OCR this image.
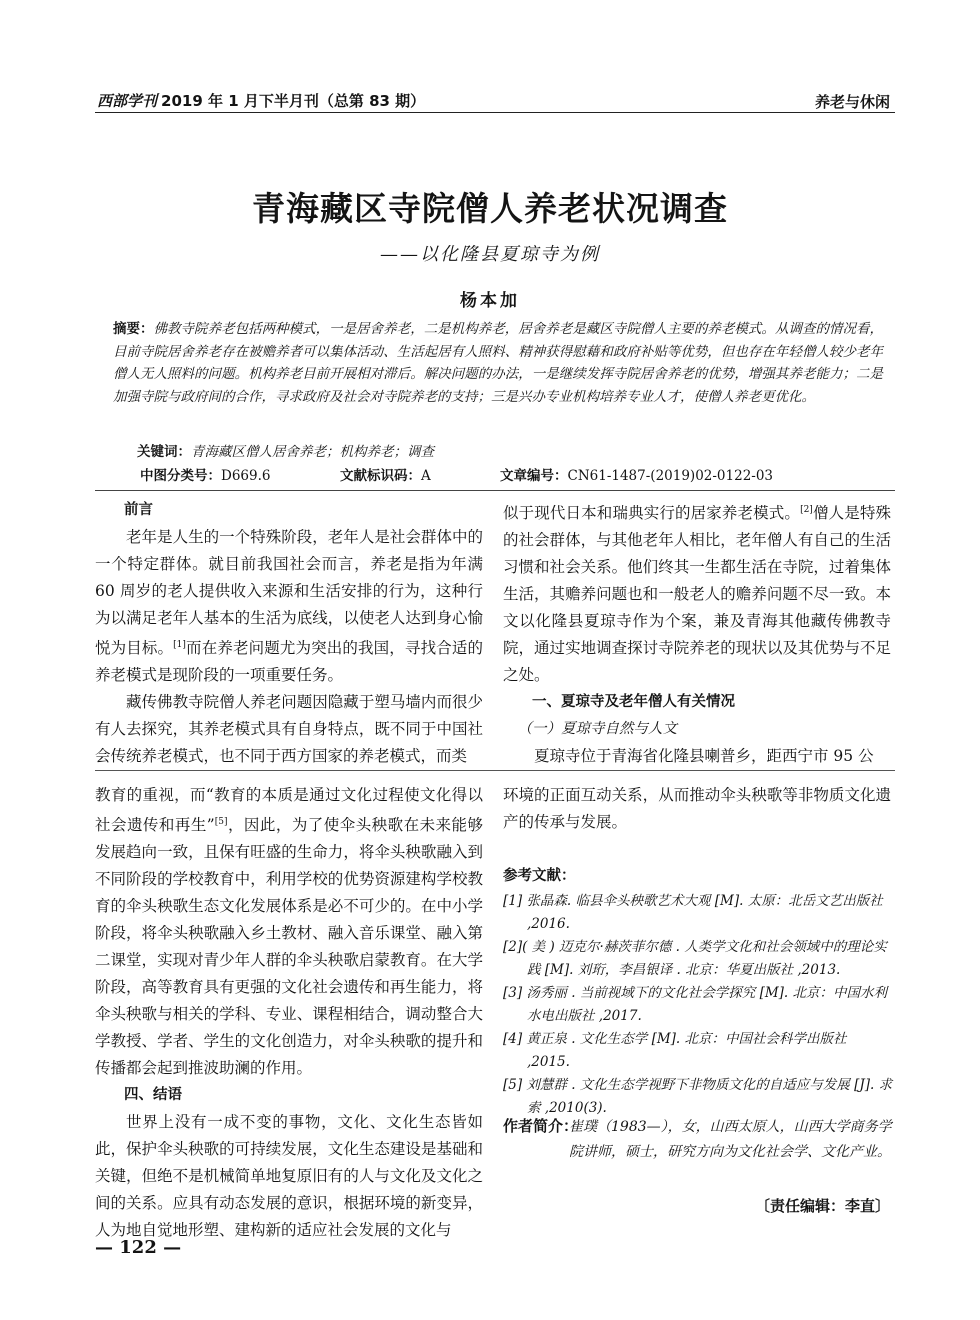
西部学刊 2019 年 1 月下半月刊（总第 83 期）	养老与休闲
青海藏区寺院僧人养老状况调查
——以化隆县夏琼寺为例
杨本加
摘要：佛教寺院养老包括两种模式，一是居舍养老，二是机构养老，居舍养老是藏区寺院僧人主要的养老模式。从调查的情况看，目前寺院居舍养老存在被赡养者可以集体活动、生活起居有人照料、精神获得慰藉和政府补贴等优势，但也存在年轻僧人较少老年僧人无人照料的问题。机构养老目前开展相对滞后。解决问题的办法，一是继续发挥寺院居舍养老的优势，增强其养老能力；二是加强寺院与政府间的合作，寻求政府及社会对寺院养老的支持；三是兴办专业机构培养专业人才，使僧人养老更优化。
关键词：青海藏区僧人居舍养老；机构养老；调查
中图分类号：D669.6	文献标识码：A	文章编号：CN61-1487-(2019)02-0122-03

前言

老年是人生的一个特殊阶段，老年人是社会群体中的一个特定群体。就目前我国社会而言，养老是指为年满 60 周岁的老人提供收入来源和生活安排的行为，这种行为以满足老年人基本的生活为底线，以使老人达到身心愉悦为目标。[1]而在养老问题尤为突出的我国，寻找合适的养老模式是现阶段的一项重要任务。

藏传佛教寺院僧人养老问题因隐藏于塑马墙内而很少有人去探究，其养老模式具有自身特点，既不同于中国社会传统养老模式，也不同于西方国家的养老模式，而类

似于现代日本和瑞典实行的居家养老模式。[2]僧人是特殊的社会群体，与其他老年人相比，老年僧人有自己的生活习惯和社会关系。他们终其一生都生活在寺院，过着集体生活，其赡养问题也和一般老人的赡养问题不尽一致。本文以化隆县夏琼寺作为个案，兼及青海其他藏传佛教寺院，通过实地调查探讨寺院养老的现状以及其优势与不足之处。

一、夏琼寺及老年僧人有关情况

（一）夏琼寺自然与人文

夏琼寺位于青海省化隆县喇普乡，距西宁市 95 公

教育的重视，而“教育的本质是通过文化过程使文化得以社会遗传和再生”[5]，因此，为了使伞头秧歌在未来能够发展趋向一致，且保有旺盛的生命力，将伞头秧歌融入到不同阶段的学校教育中，利用学校的优势资源建构学校教育的伞头秧歌生态文化发展体系是必不可少的。在中小学阶段，将伞头秧歌融入乡土教材、融入音乐课堂、融入第二课堂，实现对青少年人群的伞头秧歌启蒙教育。在大学阶段，高等教育具有更强的文化社会遗传和再生能力，将伞头秧歌与相关的学科、专业、课程相结合，调动整合大学教授、学者、学生的文化创造力，对伞头秧歌的提升和传播都会起到推波助澜的作用。

四、结语

世界上没有一成不变的事物，文化、文化生态皆如此，保护伞头秧歌的可持续发展，文化生态建设是基础和关键，但绝不是机械简单地复原旧有的人与文化及文化之间的关系。应具有动态发展的意识，根据环境的新变异，人为地自觉地形塑、建构新的适应社会发展的文化与

环境的正面互动关系，从而推动伞头秧歌等非物质文化遗产的传承与发展。

参考文献：

[1] 张晶森. 临县伞头秧歌艺术大观 [M]. 太原：北岳文艺出版社 ,2016.

[2]( 美 ) 迈克尔·赫茨菲尔德 . 人类学文化和社会领域中的理论实践 [M]. 刘珩，李昌银译 . 北京：华夏出版社 ,2013.

[3] 汤秀丽 . 当前视域下的文化社会学探究 [M]. 北京：中国水利水电出版社 ,2017.

[4] 黄正泉 . 文化生态学 [M]. 北京：中国社会科学出版社 ,2015.

[5] 刘慧群 . 文化生态学视野下非物质文化的自适应与发展 [J]. 求索 ,2010(3).

作者简介：
崔璞（1983—），女，山西太原人，山西大学商务学院讲师，硕士，研究方向为文化社会学、文化产业。
〔责任编辑：李直〕
— 122 —
